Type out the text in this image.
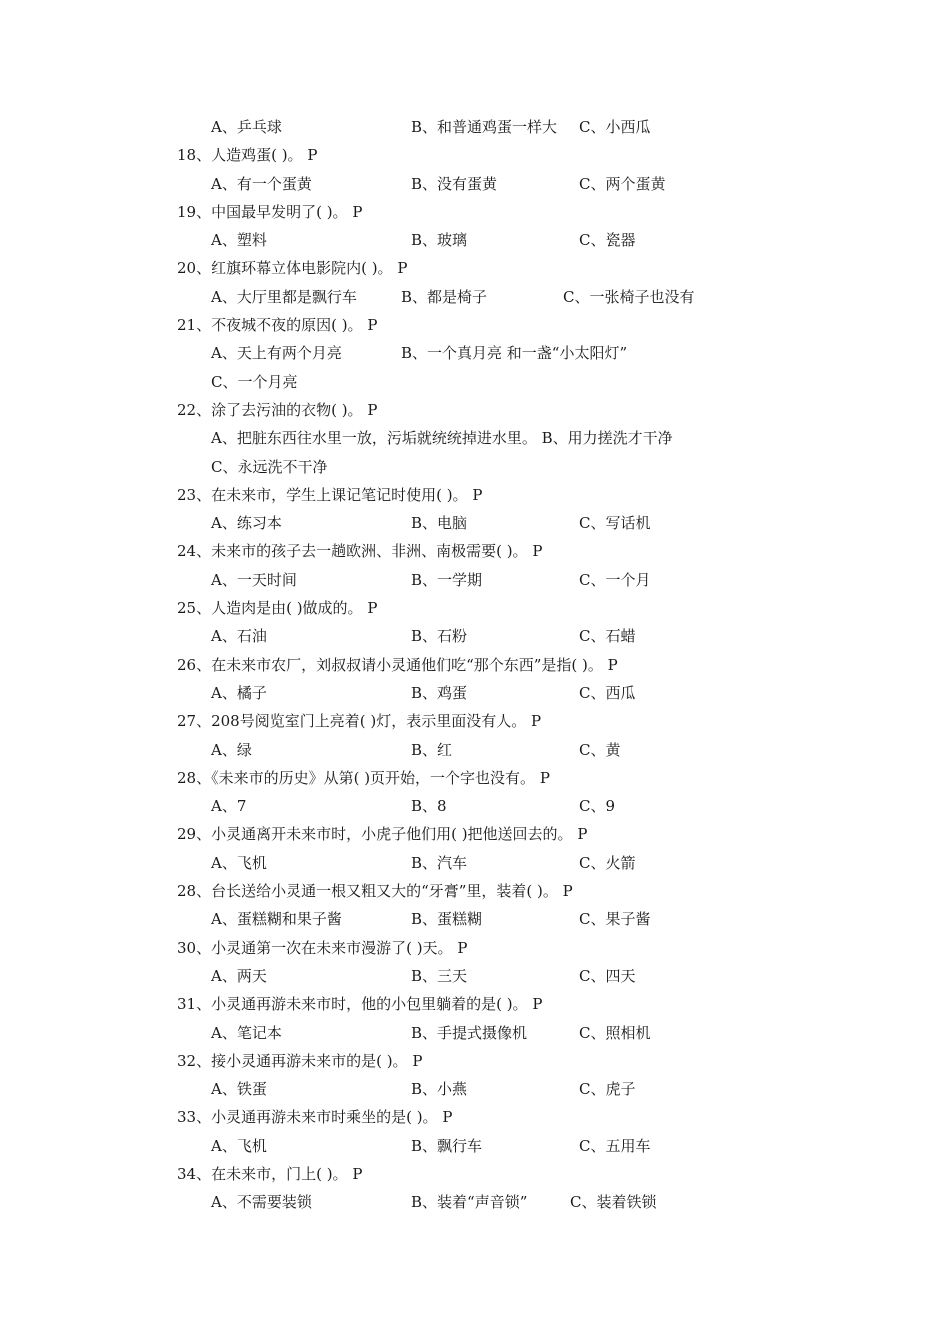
A、乒乓球	B、和普通鸡蛋一样大 C、小西瓜
18、人造鸡蛋( )。 P
A、有一个蛋黄	B、没有蛋黄	C、两个蛋黄
19、中国最早发明了( )。 P
A、塑料	B、玻璃	C、瓷器
20、红旗环幕立体电影院内( )。 P
A、大厅里都是飘行车	B、都是椅子	C、一张椅子也没有
21、不夜城不夜的原因( )。 P
A、天上有两个月亮	B、一个真月亮 和一盏“小太阳灯”
C、一个月亮
22、涂了去污油的衣物( )。 P
A、把脏东西往水里一放，污垢就统统掉进水里。 B、用力搓洗才干净
C、永远洗不干净
23、在未来市，学生上课记笔记时使用( )。 P
A、练习本	B、电脑	C、写话机
24、未来市的孩子去一趟欧洲、非洲、南极需要( )。 P
A、一天时间	B、一学期	C、一个月
25、人造肉是由( )做成的。 P
A、石油	B、石粉	C、石蜡
26、在未来市农厂，刘叔叔请小灵通他们吃“那个东西”是指( )。 P
A、橘子	B、鸡蛋	C、西瓜
27、208号阅览室门上亮着( )灯，表示里面没有人。 P
A、绿	B、红	C、黄
28、《未来市的历史》从第( )页开始，一个字也没有。 P
A、7	B、8	C、9
29、小灵通离开未来市时，小虎子他们用( )把他送回去的。 P
A、飞机	B、汽车	C、火箭
28、台长送给小灵通一根又粗又大的“牙膏”里，装着( )。 P
A、蛋糕糊和果子酱	B、蛋糕糊	C、果子酱
30、小灵通第一次在未来市漫游了( )天。 P
A、两天	B、三天	C、四天
31、小灵通再游未来市时，他的小包里躺着的是( )。 P
A、笔记本	B、手提式摄像机	C、照相机
32、接小灵通再游未来市的是( )。 P
A、铁蛋	B、小燕	C、虎子
33、小灵通再游未来市时乘坐的是( )。 P
A、飞机	B、飘行车	C、五用车
34、在未来市，门上( )。 P
A、不需要装锁	B、装着“声音锁”	C、装着铁锁
